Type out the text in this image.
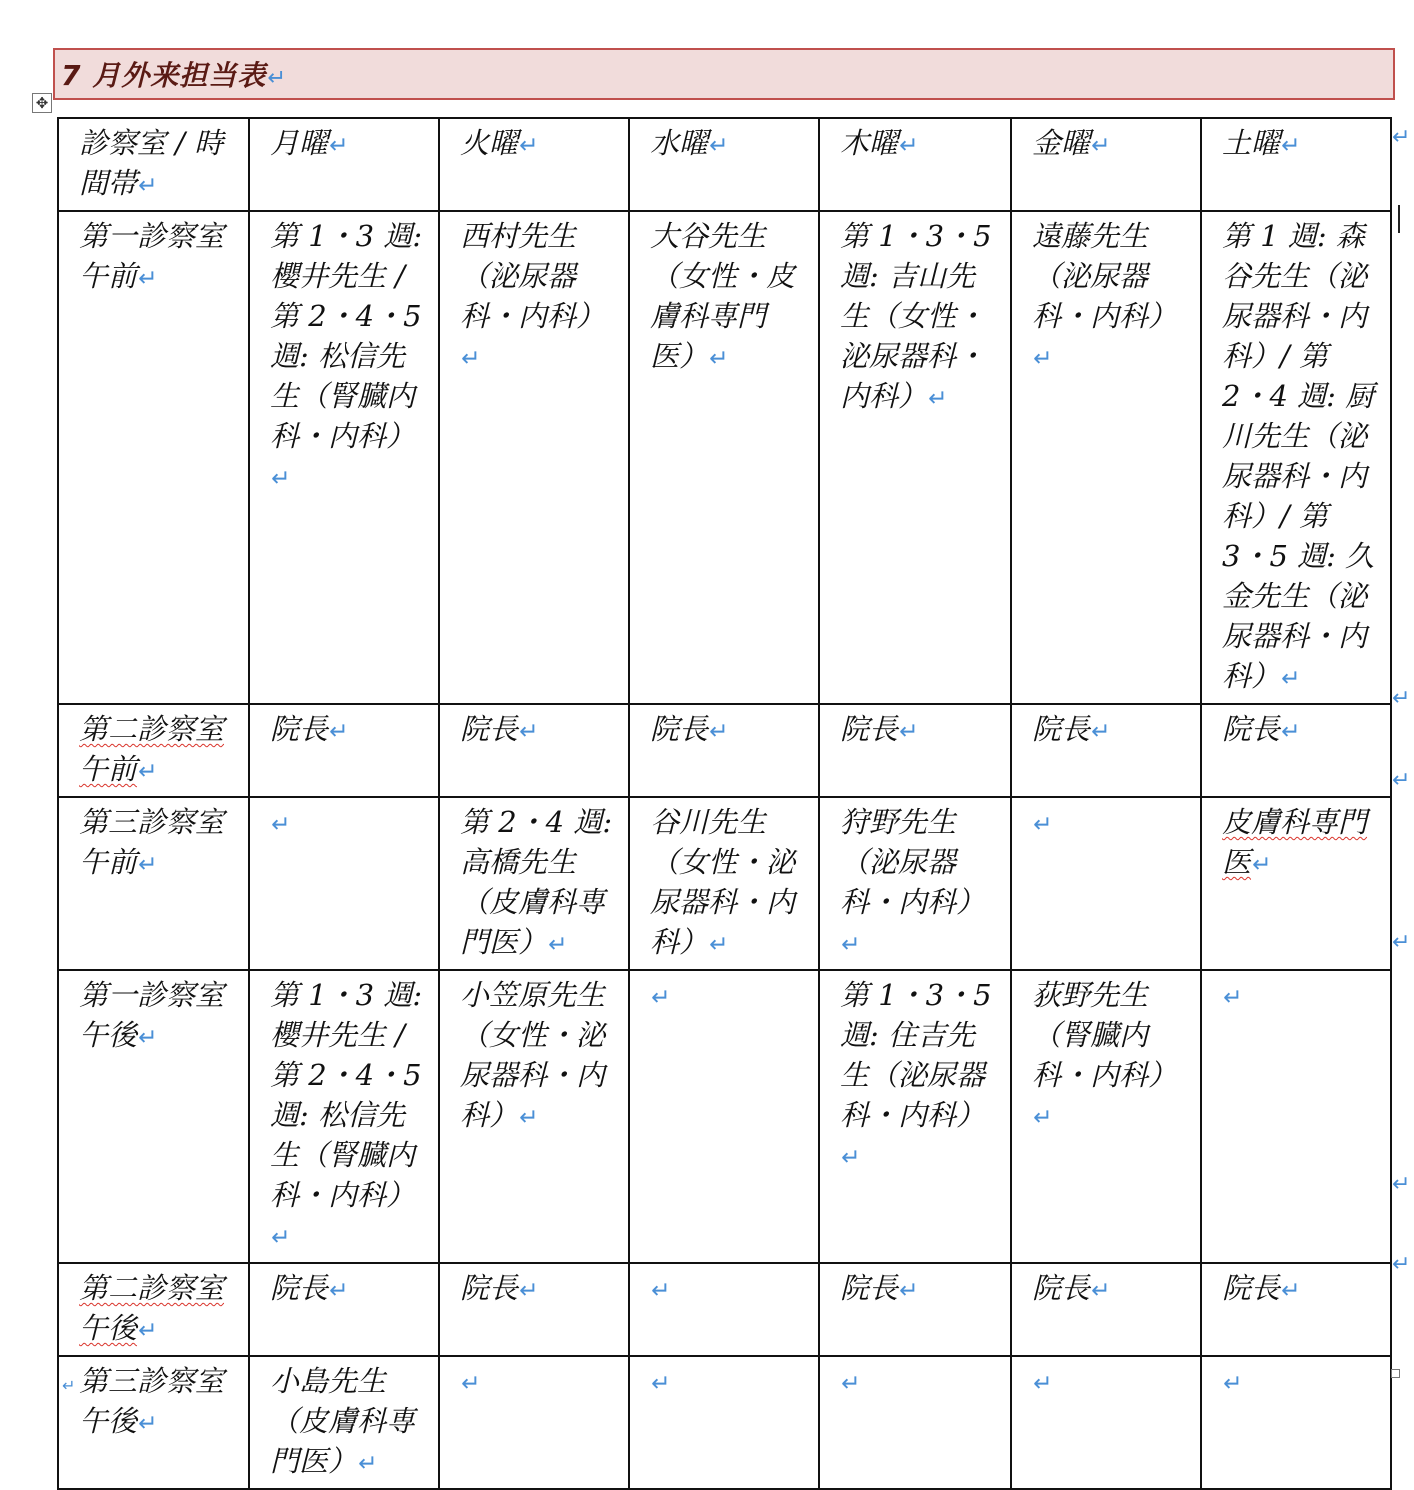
7 月外来担当表↵
✥
診察室 / 時間帯↵	月曜↵	火曜↵	水曜↵	木曜↵	金曜↵	土曜↵
第一診察室午前↵	第 1・3 週: 櫻井先生 / 第 2・4・5 週: 松信先生（腎臓内科・内科）↵	西村先生（泌尿器科・内科）↵	大谷先生（女性・皮膚科専門医）↵	第 1・3・5 週: 吉山先生（女性・泌尿器科・内科）↵	遠藤先生（泌尿器科・内科）↵	第 1 週: 森谷先生（泌尿器科・内科）/ 第 2・4 週: 厨川先生（泌尿器科・内科）/ 第 3・5 週: 久金先生（泌尿器科・内科）↵
第二診察室午前↵	院長↵	院長↵	院長↵	院長↵	院長↵	院長↵
第三診察室午前↵	↵	第 2・4 週: 高橋先生（皮膚科専門医）↵	谷川先生（女性・泌尿器科・内科）↵	狩野先生（泌尿器科・内科）↵	↵	皮膚科専門医↵
第一診察室午後↵	第 1・3 週: 櫻井先生 / 第 2・4・5 週: 松信先生（腎臓内科・内科）↵	小笠原先生（女性・泌尿器科・内科）↵	↵	第 1・3・5 週: 住吉先生（泌尿器科・内科）↵	荻野先生（腎臓内科・内科）↵	↵
第二診察室午後↵	院長↵	院長↵	↵	院長↵	院長↵	院長↵
第三診察室午後↵	小島先生（皮膚科専門医）↵	↵	↵	↵	↵	↵
↵
↵
↵
↵
↵
↵
↵
